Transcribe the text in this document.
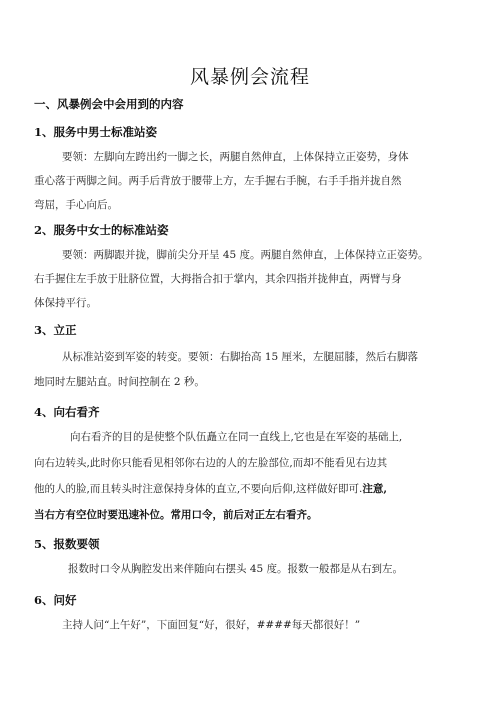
风暴例会流程
一、风暴例会中会用到的内容
1、服务中男士标准站姿
要领：左脚向左跨出约一脚之长，两腿自然伸直，上体保持立正姿势，身体
重心落于两脚之间。两手后背放于腰带上方，左手握右手腕，右手手指并拢自然
弯屈，手心向后。
2、服务中女士的标准站姿
要领：两脚跟并拢，脚前尖分开呈 45 度。两腿自然伸直，上体保持立正姿势。
右手握住左手放于肚脐位置，大拇指合扣于掌内，其余四指并拢伸直，两臂与身
体保持平行。
3、立正
从标准站姿到军姿的转变。要领：右脚抬高 15 厘米，左腿屈膝，然后右脚落
地同时左腿站直。时间控制在 2 秒。
4、向右看齐
向右看齐的目的是使整个队伍矗立在同一直线上,它也是在军姿的基础上,
向右边转头,此时你只能看见相邻你右边的人的左脸部位,而却不能看见右边其
他的人的脸,而且转头时注意保持身体的直立,不要向后仰,这样做好即可.注意,
当右方有空位时要迅速补位。常用口令，前后对正左右看齐。
5、报数要领
报数时口令从胸腔发出来伴随向右摆头 45 度。报数一般都是从右到左。
6、问好
主持人问“上午好”，下面回复“好，很好，####每天都很好！”
